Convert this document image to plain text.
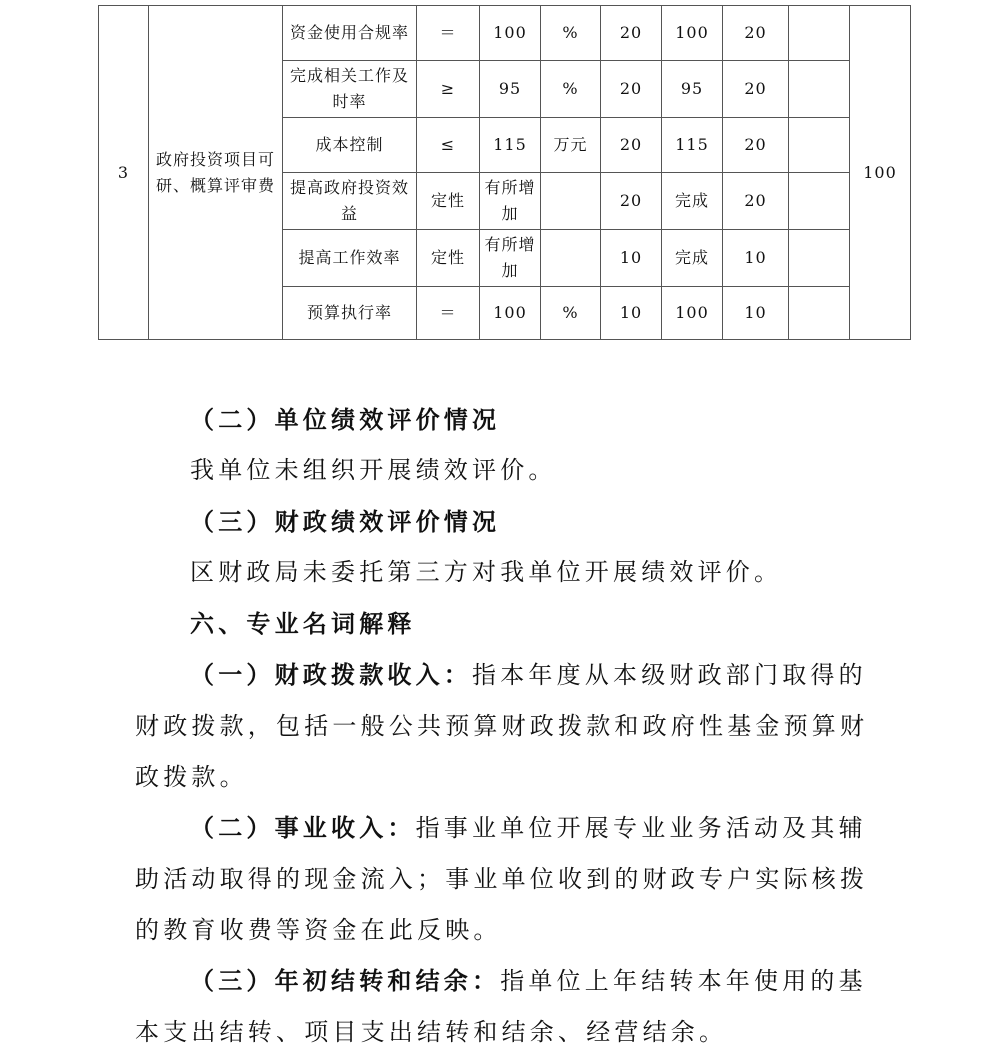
3	政府投资项目可研、概算评审费	资金使用合规率	＝	100	%	20	100	20		100
		完成相关工作及时率	≥	95	%	20	95	20		
		成本控制	≤	115	万元	20	115	20		
		提高政府投资效益	定性	有所增加		20	完成	20		
		提高工作效率	定性	有所增加		10	完成	10		
		预算执行率	＝	100	%	10	100	10		
（二）单位绩效评价情况
我单位未组织开展绩效评价。
（三）财政绩效评价情况
区财政局未委托第三方对我单位开展绩效评价。
六、专业名词解释
（一）财政拨款收入：指本年度从本级财政部门取得的财政拨款，包括一般公共预算财政拨款和政府性基金预算财政拨款。
（二）事业收入：指事业单位开展专业业务活动及其辅助活动取得的现金流入；事业单位收到的财政专户实际核拨的教育收费等资金在此反映。
（三）年初结转和结余：指单位上年结转本年使用的基本支出结转、项目支出结转和结余、经营结余。
